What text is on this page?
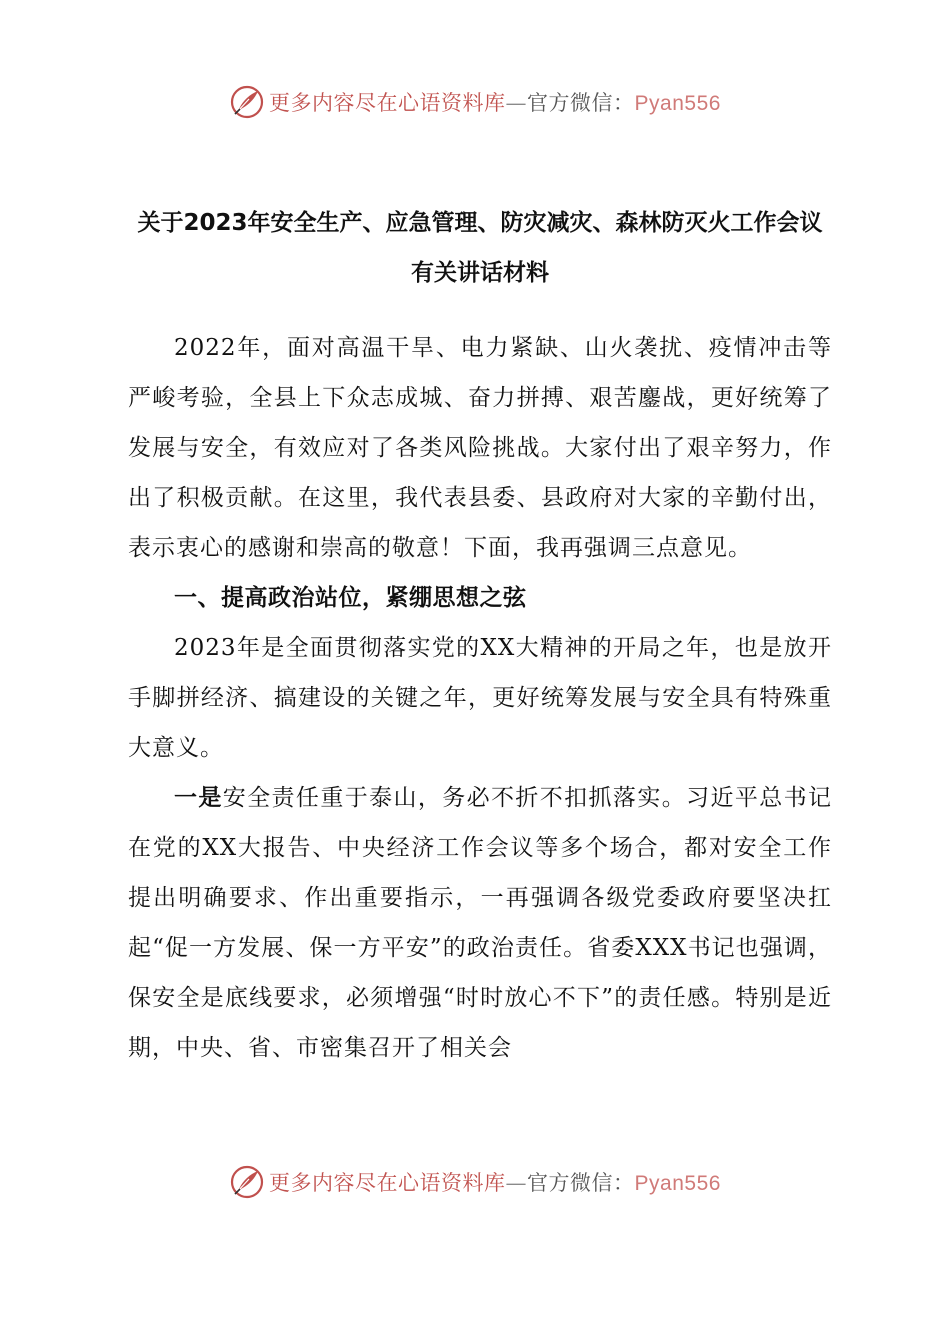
更多内容尽在心语资料库—官方微信：Pyan556
关于2023年安全生产、应急管理、防灾减灾、森林防灭火工作会议有关讲话材料

2022年，面对高温干旱、电力紧缺、山火袭扰、疫情冲击等严峻考验，全县上下众志成城、奋力拼搏、艰苦鏖战，更好统筹了发展与安全，有效应对了各类风险挑战。大家付出了艰辛努力，作出了积极贡献。在这里，我代表县委、县政府对大家的辛勤付出，表示衷心的感谢和崇高的敬意！下面，我再强调三点意见。

一、提高政治站位，紧绷思想之弦

2023年是全面贯彻落实党的XX大精神的开局之年，也是放开手脚拼经济、搞建设的关键之年，更好统筹发展与安全具有特殊重大意义。

一是安全责任重于泰山，务必不折不扣抓落实。习近平总书记在党的XX大报告、中央经济工作会议等多个场合，都对安全工作提出明确要求、作出重要指示，一再强调各级党委政府要坚决扛起“促一方发展、保一方平安”的政治责任。省委XXX书记也强调，保安全是底线要求，必须增强“时时放心不下”的责任感。特别是近期，中央、省、市密集召开了相关会

更多内容尽在心语资料库—官方微信：Pyan556
